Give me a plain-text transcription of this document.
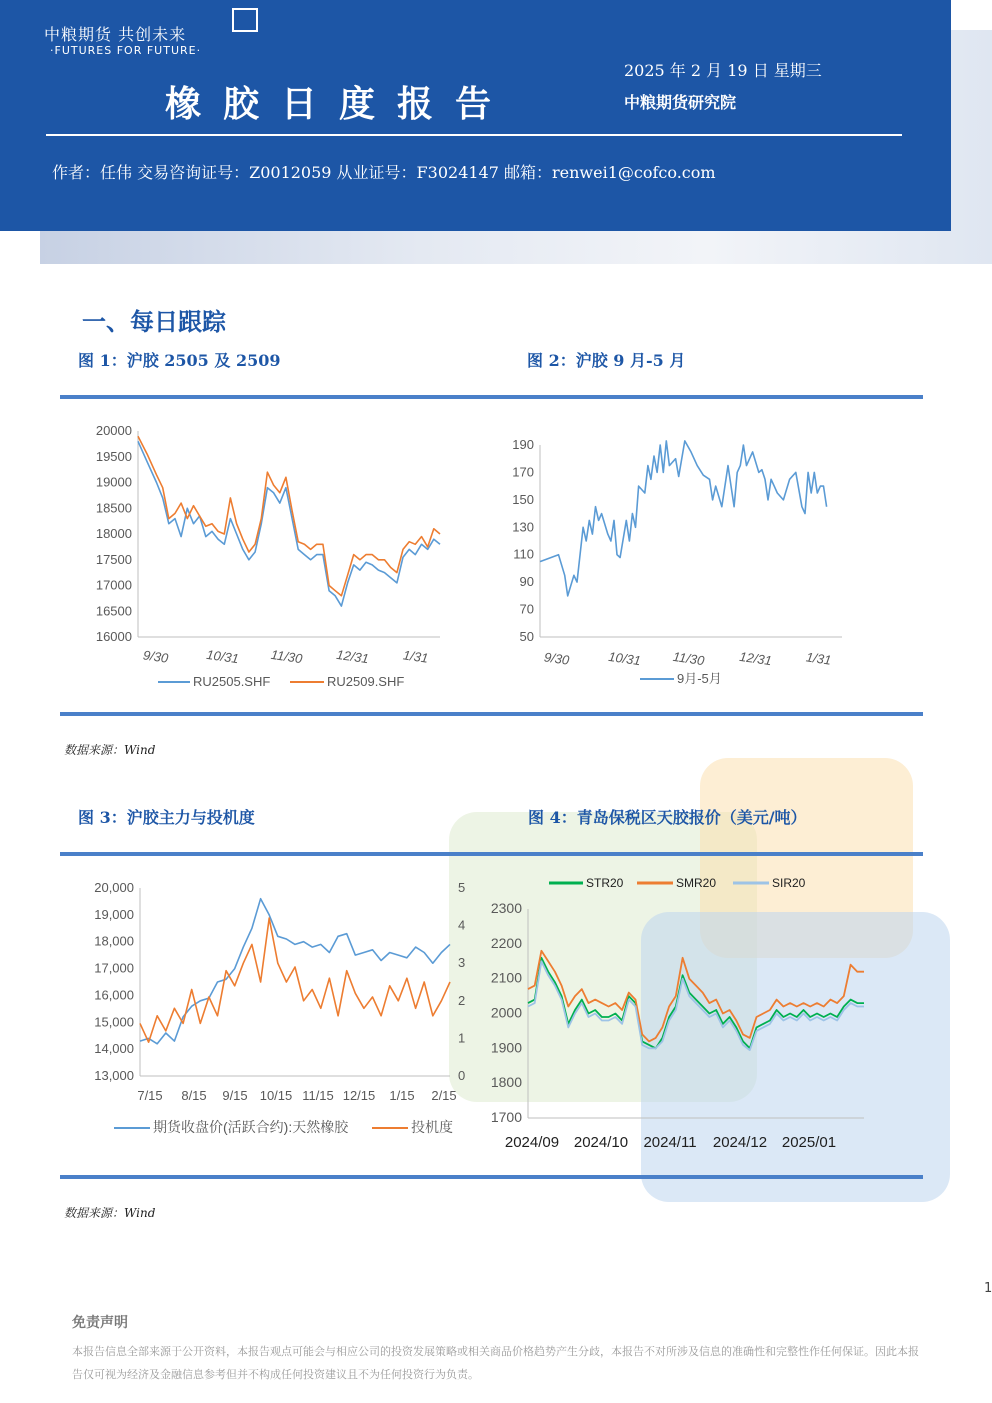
中粮期货 共创未来
·FUTURES FOR FUTURE·
橡胶日度报告
2025 年 2 月 19 日 星期三
中粮期货研究院
作者：任伟 交易咨询证号：Z0012059 从业证号：F3024147 邮箱：renwei1@cofco.com
一、每日跟踪
图 1：沪胶 2505 及 2509	图 2：沪胶 9 月-5 月
图 3：沪胶主力与投机度	图 4：青岛保税区天胶报价（美元/吨）
数据来源：Wind
数据来源：Wind
20000
19500
19000
18500
18000
17500
17000
16500
16000
9/30	10/31 11/30 12/31 1/31
RU2505.SHF	RU2509.SHF
190
170
150
130
110
90
70
50
9/30	10/31 11/30	12/31 1/31
9月-5月
20,000
19,000
18,000
17,000
16,000
15,000
14,000
13,000
5
4
3
2
1
0
7/15 8/15 9/15 10/15 11/15 12/15 1/15 2/15
期货收盘价(活跃合约):天然橡胶	投机度
2300
2200
2100
2000
1900
1800
1700
2024/09 2024/10 2024/11 2024/12 2025/01
STR20	SMR20	SIR20
1
免责声明
本报告信息全部来源于公开资料，本报告观点可能会与相应公司的投资发展策略或相关商品价格趋势产生分歧，本报告不对所涉及信息的准确性和完整性作任何保证。因此本报告仅可视为经济及金融信息参考但并不构成任何投资建议且不为任何投资行为负责。
